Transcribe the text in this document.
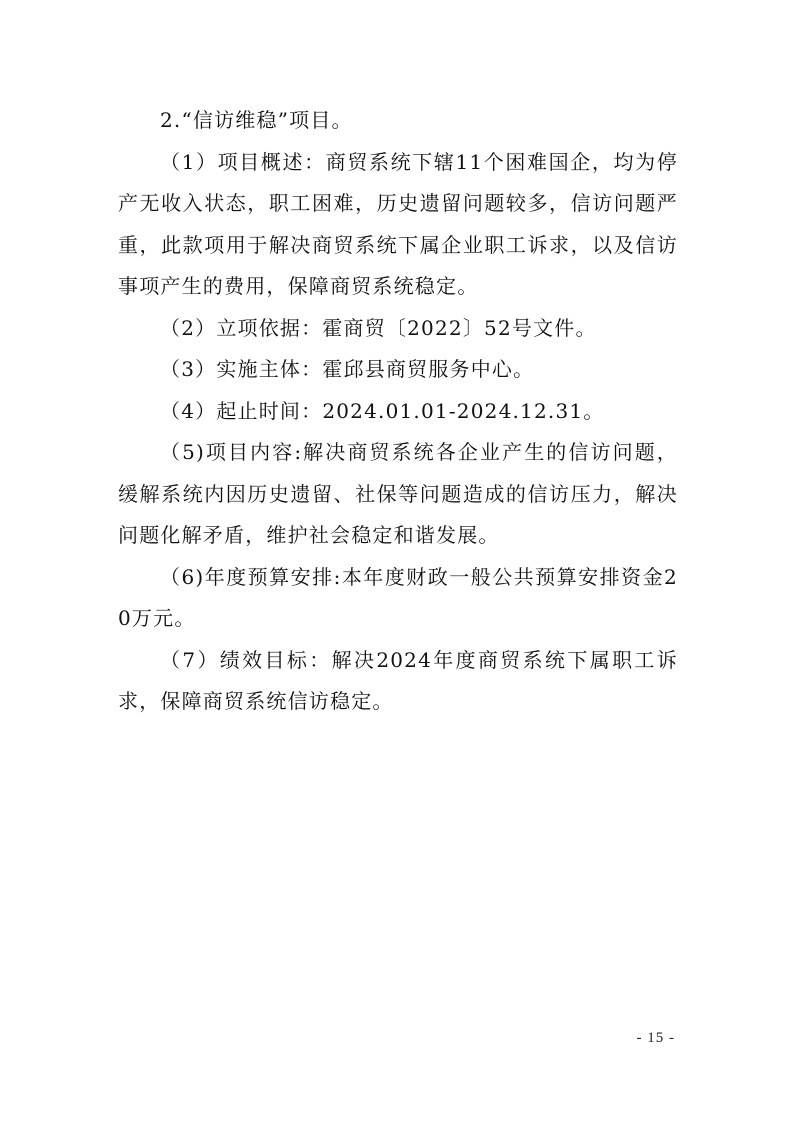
2.“信访维稳”项目。

（1）项目概述：商贸系统下辖11个困难国企，均为停产无收入状态，职工困难，历史遗留问题较多，信访问题严重，此款项用于解决商贸系统下属企业职工诉求，以及信访事项产生的费用，保障商贸系统稳定。

（2）立项依据：霍商贸〔2022〕52号文件。

（3）实施主体：霍邱县商贸服务中心。

（4）起止时间：2024.01.01-2024.12.31。

（5)项目内容:解决商贸系统各企业产生的信访问题，缓解系统内因历史遗留、社保等问题造成的信访压力，解决问题化解矛盾，维护社会稳定和谐发展。

（6)年度预算安排:本年度财政一般公共预算安排资金20万元。

（7）绩效目标：解决2024年度商贸系统下属职工诉求，保障商贸系统信访稳定。

- 15 -
